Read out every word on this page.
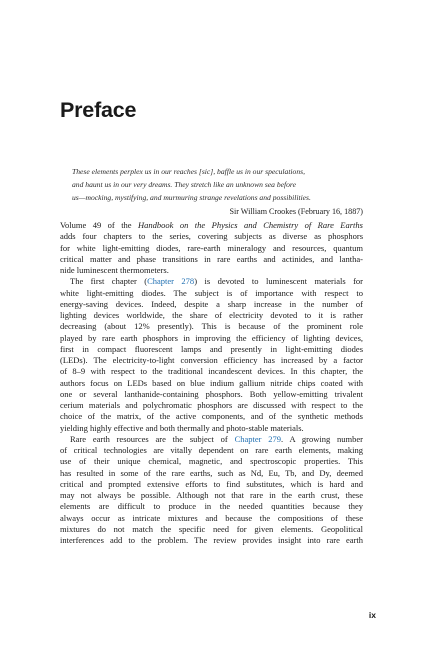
Preface
These elements perplex us in our reaches [sic], baffle us in our speculations,
and haunt us in our very dreams. They stretch like an unknown sea before
us—mocking, mystifying, and murmuring strange revelations and possibilities.
Sir William Crookes (February 16, 1887)

Volume 49 of the Handbook on the Physics and Chemistry of Rare Earths
adds four chapters to the series, covering subjects as diverse as phosphors
for white light-emitting diodes, rare-earth mineralogy and resources, quantum
critical matter and phase transitions in rare earths and actinides, and lantha-
nide luminescent thermometers.

The first chapter (Chapter 278) is devoted to luminescent materials for
white light-emitting diodes. The subject is of importance with respect to
energy-saving devices. Indeed, despite a sharp increase in the number of
lighting devices worldwide, the share of electricity devoted to it is rather
decreasing (about 12% presently). This is because of the prominent role
played by rare earth phosphors in improving the efficiency of lighting devices,
first in compact fluorescent lamps and presently in light-emitting diodes
(LEDs). The electricity-to-light conversion efficiency has increased by a factor
of 8–9 with respect to the traditional incandescent devices. In this chapter, the
authors focus on LEDs based on blue indium gallium nitride chips coated with
one or several lanthanide-containing phosphors. Both yellow-emitting trivalent
cerium materials and polychromatic phosphors are discussed with respect to the
choice of the matrix, of the active components, and of the synthetic methods
yielding highly effective and both thermally and photo-stable materials.

Rare earth resources are the subject of Chapter 279. A growing number
of critical technologies are vitally dependent on rare earth elements, making
use of their unique chemical, magnetic, and spectroscopic properties. This
has resulted in some of the rare earths, such as Nd, Eu, Tb, and Dy, deemed
critical and prompted extensive efforts to find substitutes, which is hard and
may not always be possible. Although not that rare in the earth crust, these
elements are difficult to produce in the needed quantities because they
always occur as intricate mixtures and because the compositions of these
mixtures do not match the specific need for given elements. Geopolitical
interferences add to the problem. The review provides insight into rare earth

ix
